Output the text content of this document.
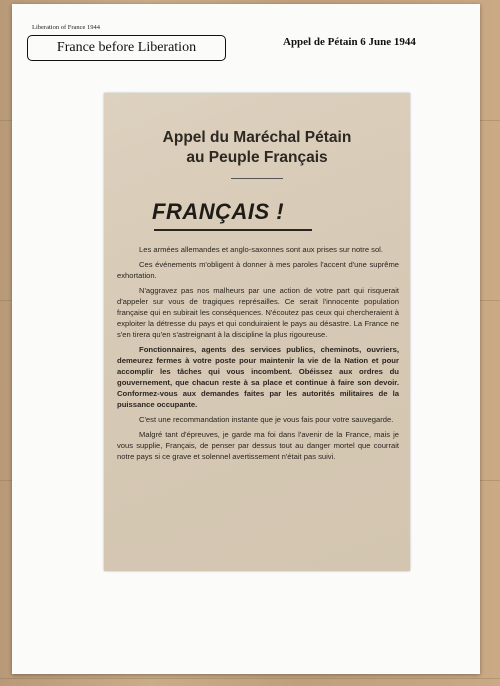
Liberation of France 1944
France before Liberation	Appel de Pétain 6 June 1944
Appel du Maréchal Pétain
au Peuple Français
FRANÇAIS !

Les armées allemandes et anglo-saxonnes sont aux prises sur notre sol.

Ces événements m'obligent à donner à mes paroles l'accent d'une suprême exhortation.

N'aggravez pas nos malheurs par une action de votre part qui risquerait d'appeler sur vous de tragiques représailles. Ce serait l'innocente population française qui en subirait les conséquences. N'écoutez pas ceux qui chercheraient à exploiter la détresse du pays et qui conduiraient le pays au désastre. La France ne s'en tirera qu'en s'astreignant à la discipline la plus rigoureuse.

Fonctionnaires, agents des services publics, cheminots, ouvriers, demeurez fermes à votre poste pour maintenir la vie de la Nation et pour accomplir les tâches qui vous incombent. Obéissez aux ordres du gouvernement, que chacun reste à sa place et continue à faire son devoir. Conformez-vous aux demandes faites par les autorités militaires de la puissance occupante.

C'est une recommandation instante que je vous fais pour votre sauvegarde.

Malgré tant d'épreuves, je garde ma foi dans l'avenir de la France, mais je vous supplie, Français, de penser par dessus tout au danger mortel que courrait notre pays si ce grave et solennel avertissement n'était pas suivi.
